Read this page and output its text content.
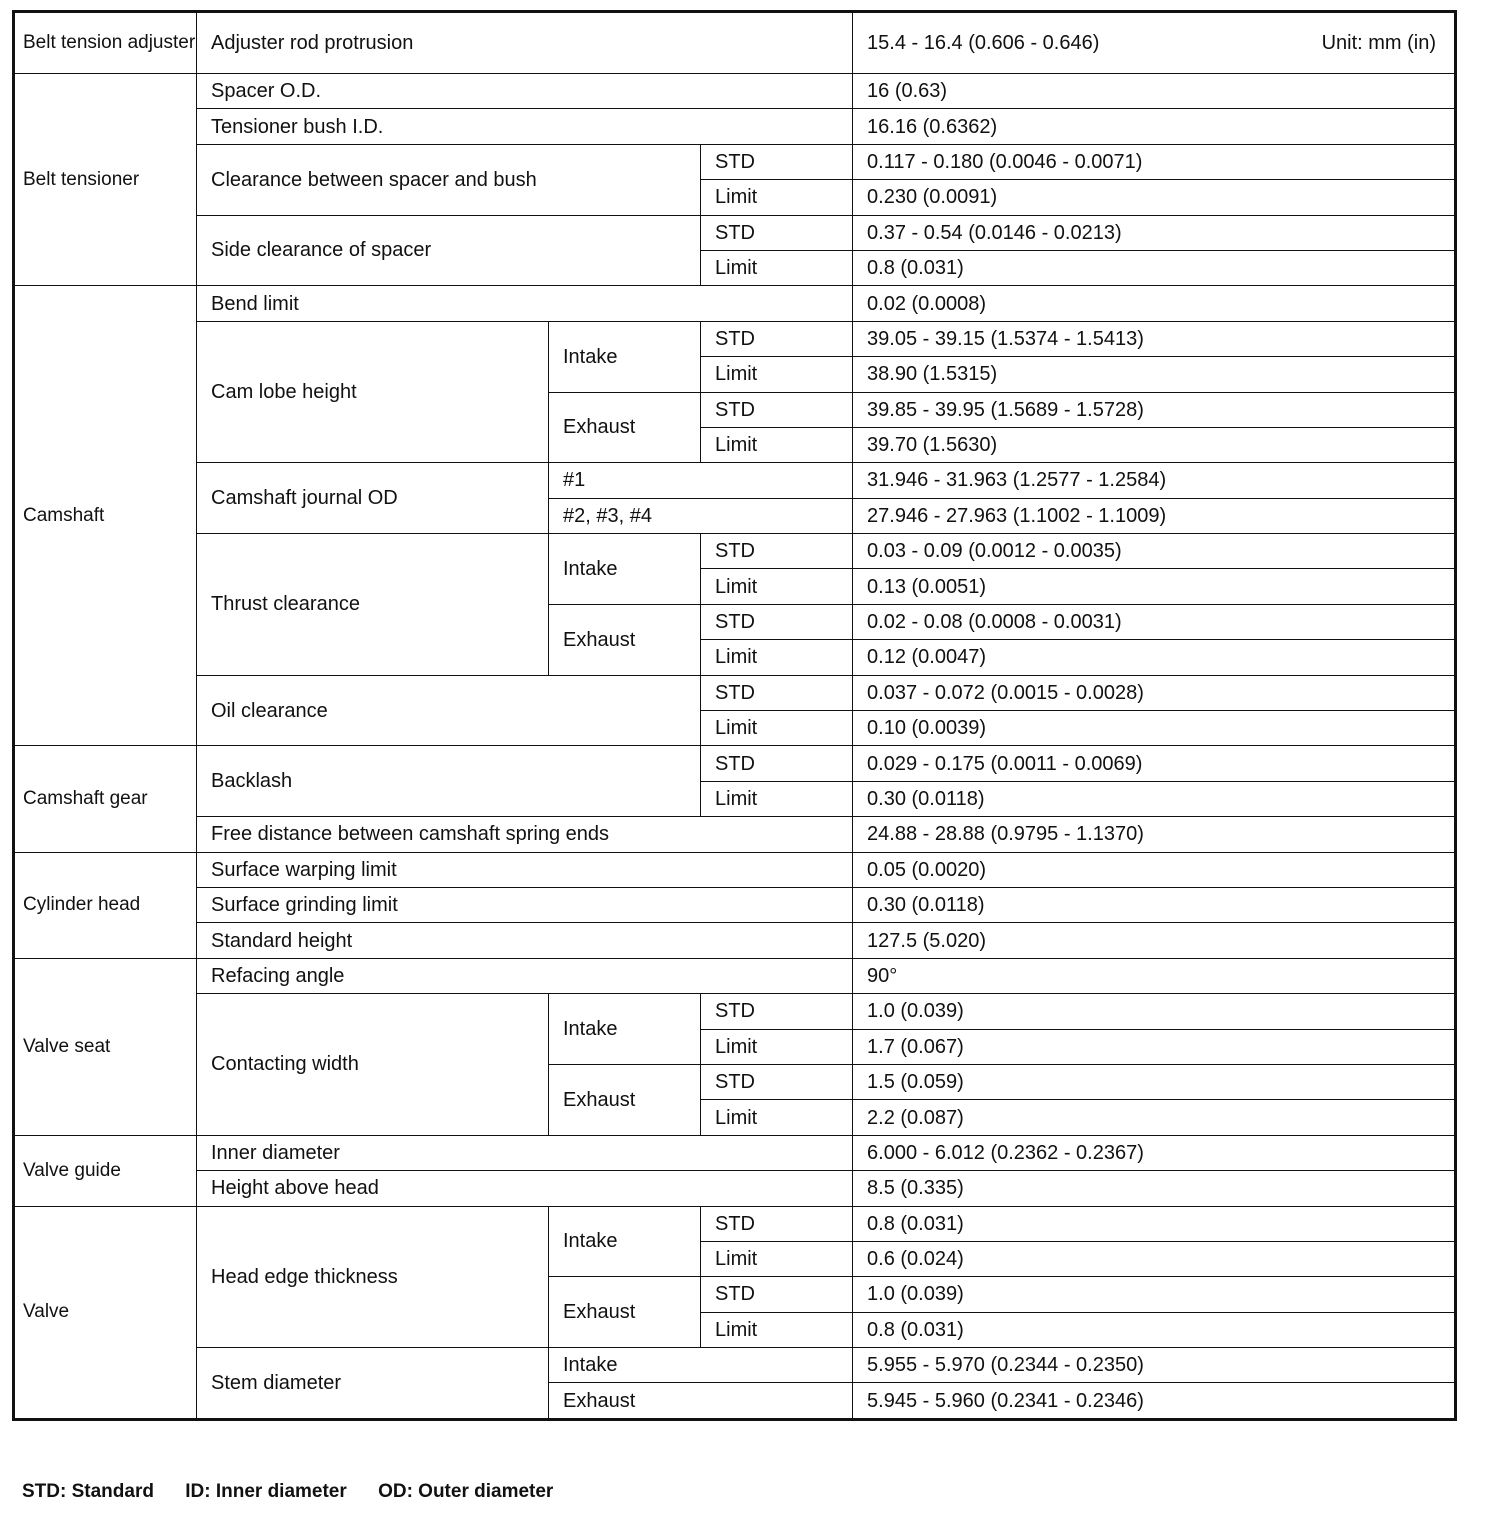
Belt tension adjuster	Adjuster rod protrusion			15.4 - 16.4 (0.606 - 0.646) Unit: mm (in)

Belt tensioner	Spacer O.D.			16 (0.63)
	Tensioner bush I.D.			16.16 (0.6362)
	Clearance between spacer and bush		STD	0.117 - 0.180 (0.0046 - 0.0071)
			Limit	0.230 (0.0091)
	Side clearance of spacer		STD	0.37 - 0.54 (0.0146 - 0.0213)
			Limit	0.8 (0.031)
Camshaft	Bend limit			0.02 (0.0008)
	Cam lobe height	Intake	STD	39.05 - 39.15 (1.5374 - 1.5413)
			Limit	38.90 (1.5315)
		Exhaust	STD	39.85 - 39.95 (1.5689 - 1.5728)
			Limit	39.70 (1.5630)
	Camshaft journal OD	#1		31.946 - 31.963 (1.2577 - 1.2584)
		#2, #3, #4		27.946 - 27.963 (1.1002 - 1.1009)
	Thrust clearance	Intake	STD	0.03 - 0.09 (0.0012 - 0.0035)
			Limit	0.13 (0.0051)
		Exhaust	STD	0.02 - 0.08 (0.0008 - 0.0031)
			Limit	0.12 (0.0047)
	Oil clearance		STD	0.037 - 0.072 (0.0015 - 0.0028)
			Limit	0.10 (0.0039)
Camshaft gear	Backlash		STD	0.029 - 0.175 (0.0011 - 0.0069)
			Limit	0.30 (0.0118)
	Free distance between camshaft spring ends			24.88 - 28.88 (0.9795 - 1.1370)
Cylinder head	Surface warping limit			0.05 (0.0020)
	Surface grinding limit			0.30 (0.0118)
	Standard height			127.5 (5.020)
Valve seat	Refacing angle			90°
	Contacting width	Intake	STD	1.0 (0.039)
			Limit	1.7 (0.067)
		Exhaust	STD	1.5 (0.059)
			Limit	2.2 (0.087)
Valve guide	Inner diameter			6.000 - 6.012 (0.2362 - 0.2367)
	Height above head			8.5 (0.335)
Valve	Head edge thickness	Intake	STD	0.8 (0.031)
			Limit	0.6 (0.024)
		Exhaust	STD	1.0 (0.039)
			Limit	0.8 (0.031)
	Stem diameter	Intake		5.955 - 5.970 (0.2344 - 0.2350)
		Exhaust		5.945 - 5.960 (0.2341 - 0.2346)
STD: Standard ID: Inner diameter OD: Outer diameter
